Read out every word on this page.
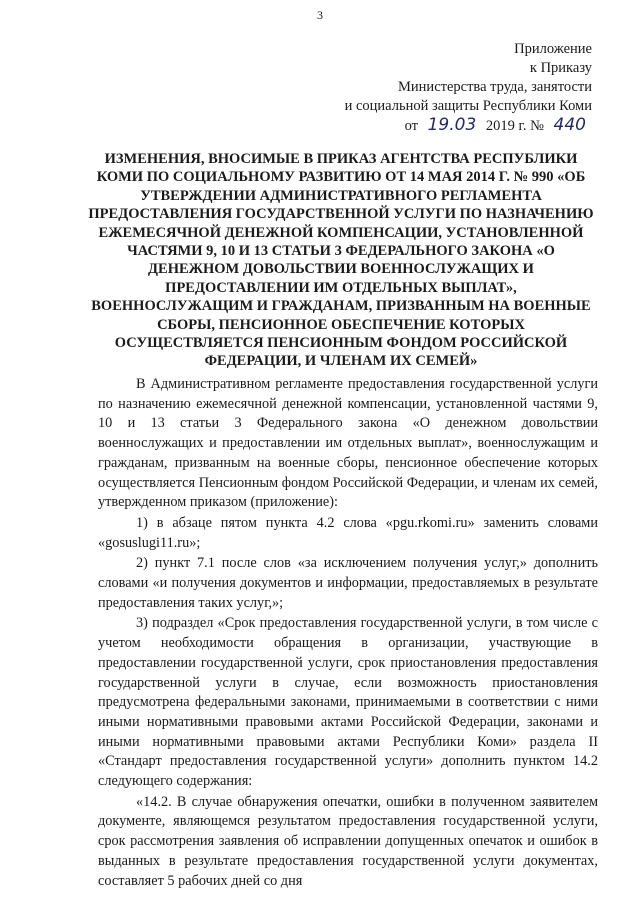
3
Приложение
к Приказу
Министерства труда, занятости
и социальной защиты Республики Коми
от 19.03 2019 г. № 440
ИЗМЕНЕНИЯ, ВНОСИМЫЕ В ПРИКАЗ АГЕНТСТВА РЕСПУБЛИКИ КОМИ ПО СОЦИАЛЬНОМУ РАЗВИТИЮ ОТ 14 МАЯ 2014 Г. № 990 «ОБ УТВЕРЖДЕНИИ АДМИНИСТРАТИВНОГО РЕГЛАМЕНТА ПРЕДОСТАВЛЕНИЯ ГОСУДАРСТВЕННОЙ УСЛУГИ ПО НАЗНАЧЕНИЮ ЕЖЕМЕСЯЧНОЙ ДЕНЕЖНОЙ КОМПЕНСАЦИИ, УСТАНОВЛЕННОЙ ЧАСТЯМИ 9, 10 И 13 СТАТЬИ 3 ФЕДЕРАЛЬНОГО ЗАКОНА «О ДЕНЕЖНОМ ДОВОЛЬСТВИИ ВОЕННОСЛУЖАЩИХ И ПРЕДОСТАВЛЕНИИ ИМ ОТДЕЛЬНЫХ ВЫПЛАТ», ВОЕННОСЛУЖАЩИМ И ГРАЖДАНАМ, ПРИЗВАННЫМ НА ВОЕННЫЕ СБОРЫ, ПЕНСИОННОЕ ОБЕСПЕЧЕНИЕ КОТОРЫХ ОСУЩЕСТВЛЯЕТСЯ ПЕНСИОННЫМ ФОНДОМ РОССИЙСКОЙ ФЕДЕРАЦИИ, И ЧЛЕНАМ ИХ СЕМЕЙ»

В Административном регламенте предоставления государственной услуги по назначению ежемесячной денежной компенсации, установленной частями 9, 10 и 13 статьи 3 Федерального закона «О денежном довольствии военнослужащих и предоставлении им отдельных выплат», военнослужащим и гражданам, призванным на военные сборы, пенсионное обеспечение которых осуществляется Пенсионным фондом Российской Федерации, и членам их семей, утвержденном приказом (приложение):

1) в абзаце пятом пункта 4.2 слова «pgu.rkomi.ru» заменить словами «gosuslugi11.ru»;

2) пункт 7.1 после слов «за исключением получения услуг,» дополнить словами «и получения документов и информации, предоставляемых в результате предоставления таких услуг,»;

3) подраздел «Срок предоставления государственной услуги, в том числе с учетом необходимости обращения в организации, участвующие в предоставлении государственной услуги, срок приостановления предоставления государственной услуги в случае, если возможность приостановления предусмотрена федеральными законами, принимаемыми в соответствии с ними иными нормативными правовыми актами Российской Федерации, законами и иными нормативными правовыми актами Республики Коми» раздела II «Стандарт предоставления государственной услуги» дополнить пунктом 14.2 следующего содержания:

«14.2. В случае обнаружения опечатки, ошибки в полученном заявителем документе, являющемся результатом предоставления государственной услуги, срок рассмотрения заявления об исправлении допущенных опечаток и ошибок в выданных в результате предоставления государственной услуги документах, составляет 5 рабочих дней со дня
